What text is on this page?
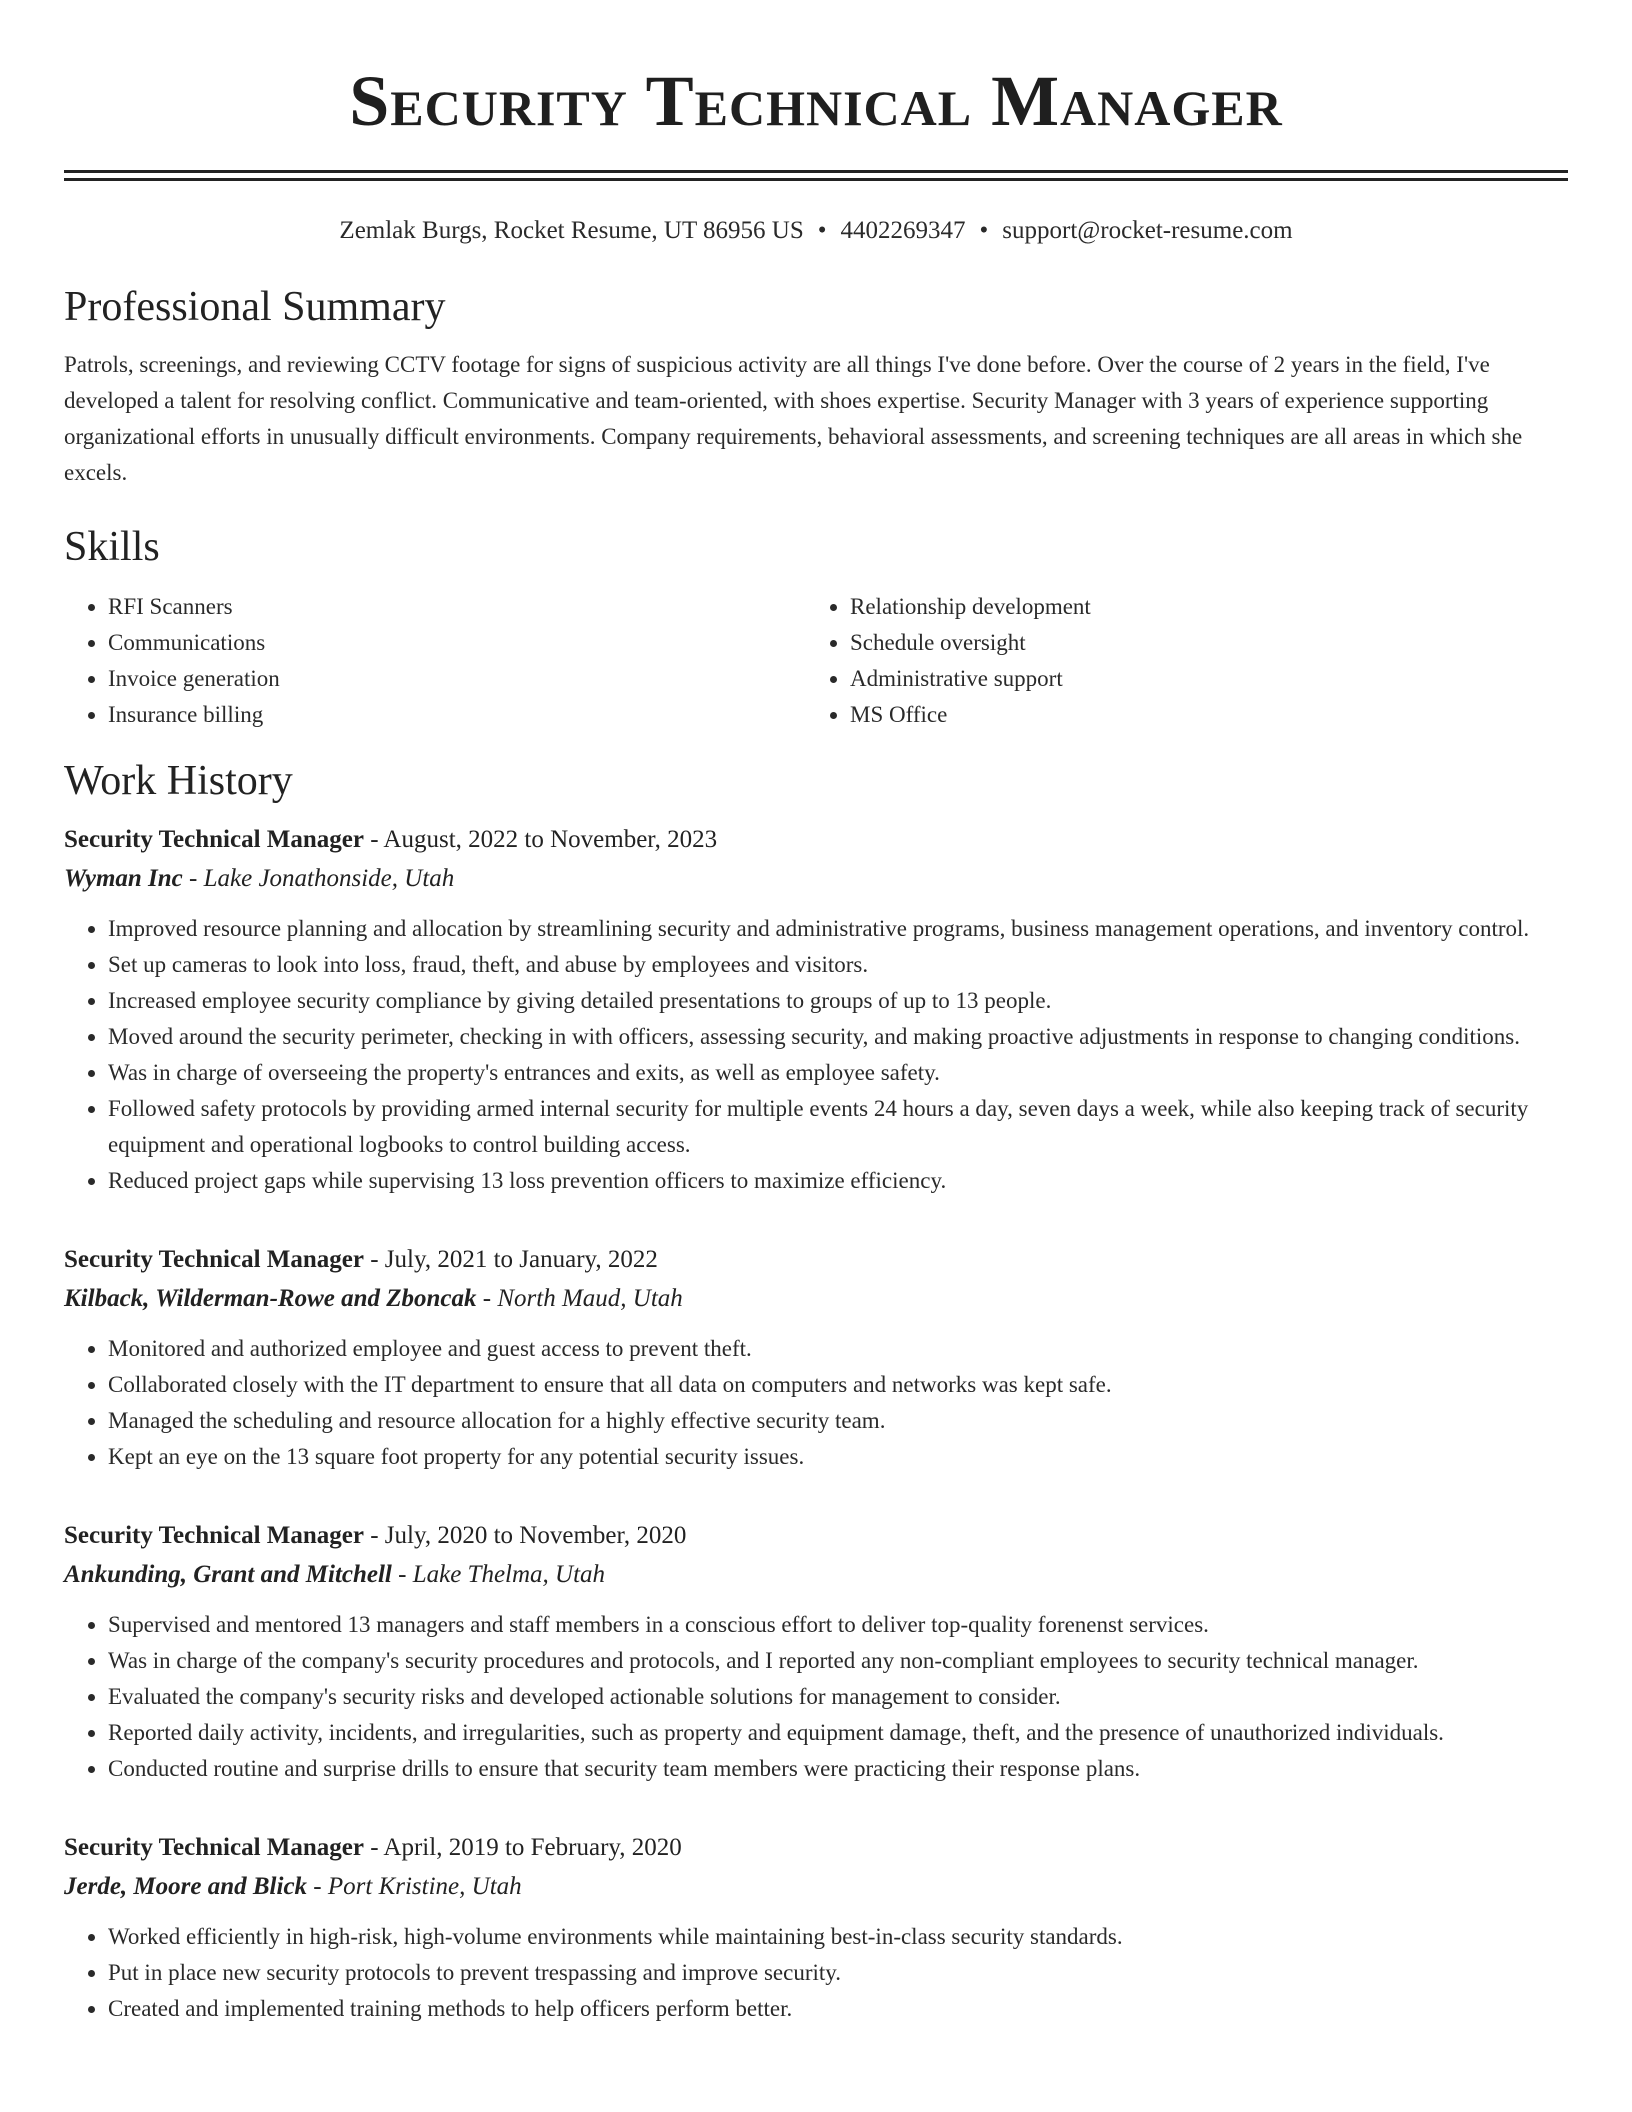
Security Technical Manager
Zemlak Burgs, Rocket Resume, UT 86956 US • 4402269347 • support@rocket-resume.com
Professional Summary
Patrols, screenings, and reviewing CCTV footage for signs of suspicious activity are all things I've done before. Over the course of 2 years in the field, I've developed a talent for resolving conflict. Communicative and team-oriented, with shoes expertise. Security Manager with 3 years of experience supporting organizational efforts in unusually difficult environments. Company requirements, behavioral assessments, and screening techniques are all areas in which she excels.
Skills
• RFI Scanners
• Communications
• Invoice generation
• Insurance billing
• Relationship development
• Schedule oversight
• Administrative support
• MS Office
Work History
Security Technical Manager - August, 2022 to November, 2023
Wyman Inc - Lake Jonathonside, Utah
• Improved resource planning and allocation by streamlining security and administrative programs, business management operations, and inventory control.
• Set up cameras to look into loss, fraud, theft, and abuse by employees and visitors.
• Increased employee security compliance by giving detailed presentations to groups of up to 13 people.
• Moved around the security perimeter, checking in with officers, assessing security, and making proactive adjustments in response to changing conditions.
• Was in charge of overseeing the property's entrances and exits, as well as employee safety.
• Followed safety protocols by providing armed internal security for multiple events 24 hours a day, seven days a week, while also keeping track of security equipment and operational logbooks to control building access.
• Reduced project gaps while supervising 13 loss prevention officers to maximize efficiency.
Security Technical Manager - July, 2021 to January, 2022
Kilback, Wilderman-Rowe and Zboncak - North Maud, Utah
• Monitored and authorized employee and guest access to prevent theft.
• Collaborated closely with the IT department to ensure that all data on computers and networks was kept safe.
• Managed the scheduling and resource allocation for a highly effective security team.
• Kept an eye on the 13 square foot property for any potential security issues.
Security Technical Manager - July, 2020 to November, 2020
Ankunding, Grant and Mitchell - Lake Thelma, Utah
• Supervised and mentored 13 managers and staff members in a conscious effort to deliver top-quality forenenst services.
• Was in charge of the company's security procedures and protocols, and I reported any non-compliant employees to security technical manager.
• Evaluated the company's security risks and developed actionable solutions for management to consider.
• Reported daily activity, incidents, and irregularities, such as property and equipment damage, theft, and the presence of unauthorized individuals.
• Conducted routine and surprise drills to ensure that security team members were practicing their response plans.
Security Technical Manager - April, 2019 to February, 2020
Jerde, Moore and Blick - Port Kristine, Utah
• Worked efficiently in high-risk, high-volume environments while maintaining best-in-class security standards.
• Put in place new security protocols to prevent trespassing and improve security.
• Created and implemented training methods to help officers perform better.
